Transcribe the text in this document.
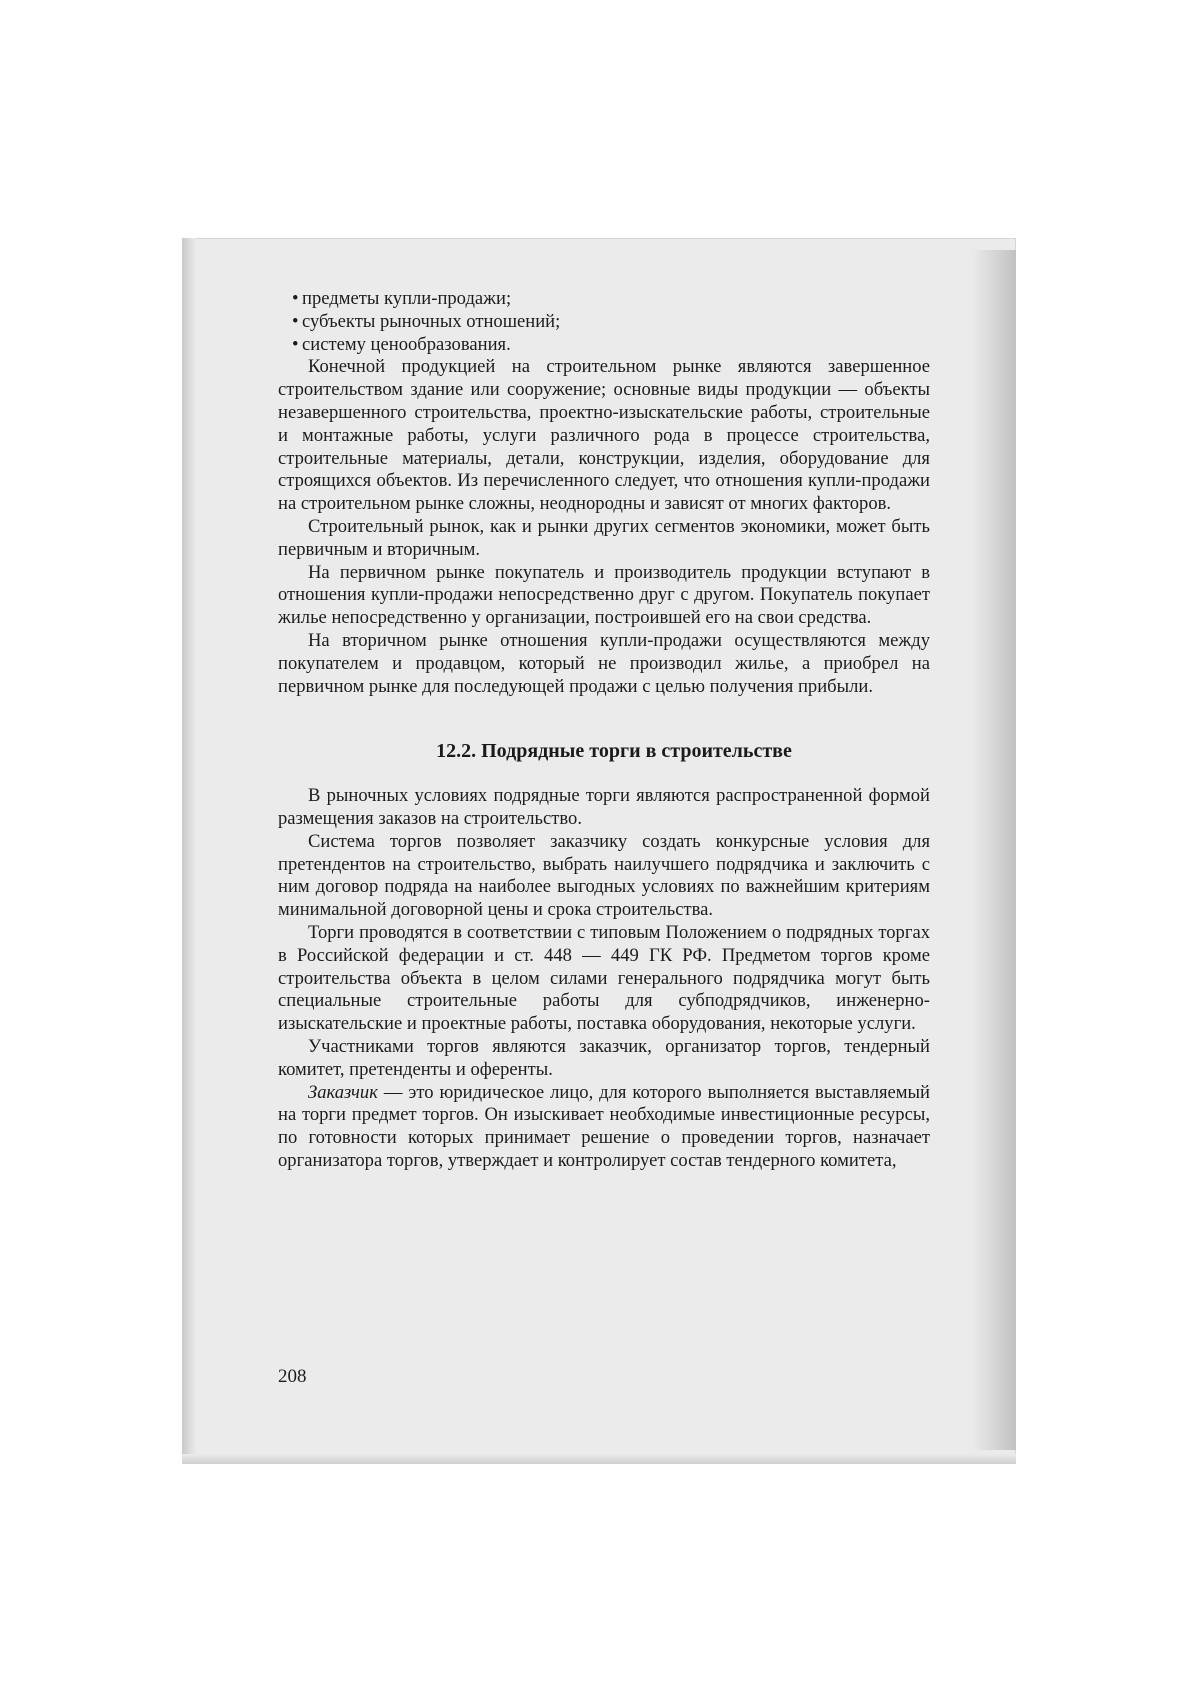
• предметы купли-продажи;
• субъекты рыночных отношений;
• систему ценообразования.

Конечной продукцией на строительном рынке являются завершенное строительством здание или сооружение; основные виды продукции — объекты незавершенного строительства, проектно-изыскательские работы, строительные и монтажные работы, услуги различного рода в процессе строительства, строительные материалы, детали, конструкции, изделия, оборудование для строящихся объектов. Из перечисленного следует, что отношения купли-продажи на строительном рынке сложны, неоднородны и зависят от многих факторов.

Строительный рынок, как и рынки других сегментов экономики, может быть первичным и вторичным.

На первичном рынке покупатель и производитель продукции вступают в отношения купли-продажи непосредственно друг с другом. Покупатель покупает жилье непосредственно у организации, построившей его на свои средства.

На вторичном рынке отношения купли-продажи осуществляются между покупателем и продавцом, который не производил жилье, а приобрел на первичном рынке для последующей продажи с целью получения прибыли.

12.2. Подрядные торги в строительстве

В рыночных условиях подрядные торги являются распространенной формой размещения заказов на строительство.

Система торгов позволяет заказчику создать конкурсные условия для претендентов на строительство, выбрать наилучшего подрядчика и заключить с ним договор подряда на наиболее выгодных условиях по важнейшим критериям минимальной договорной цены и срока строительства.

Торги проводятся в соответствии с типовым Положением о подрядных торгах в Российской федерации и ст. 448 — 449 ГК РФ. Предметом торгов кроме строительства объекта в целом силами генерального подрядчика могут быть специальные строительные работы для субподрядчиков, инженерно-изыскательские и проектные работы, поставка оборудования, некоторые услуги.

Участниками торгов являются заказчик, организатор торгов, тендерный комитет, претенденты и оференты.

Заказчик — это юридическое лицо, для которого выполняется выставляемый на торги предмет торгов. Он изыскивает необходимые инвестиционные ресурсы, по готовности которых принимает решение о проведении торгов, назначает организатора торгов, утверждает и контролирует состав тендерного комитета,

208
